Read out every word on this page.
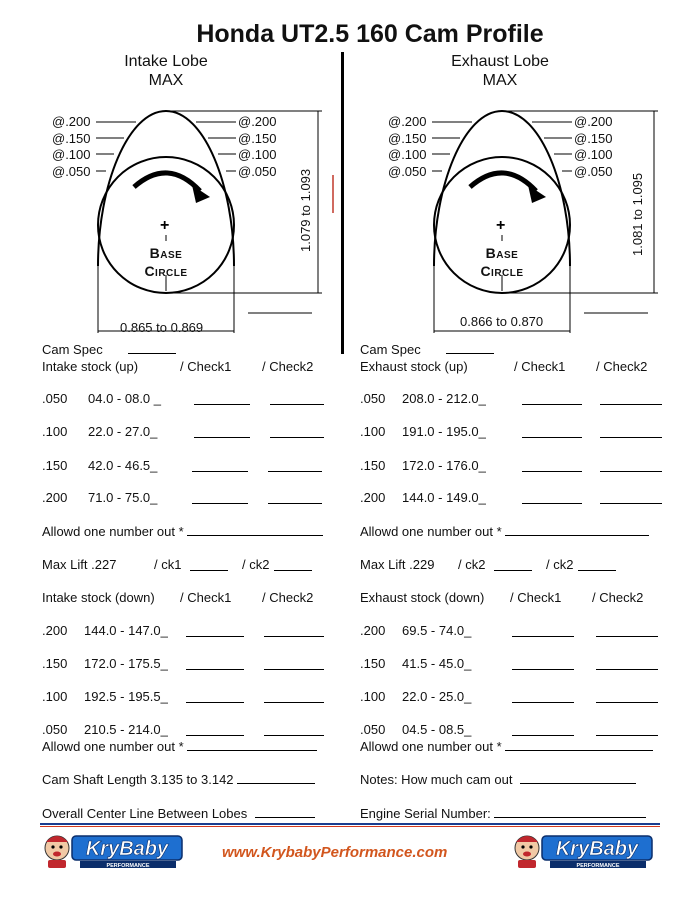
Honda UT2.5 160 Cam Profile
Intake Lobe
MAX
+
@.200
@.150
@.100
@.050
@.200
@.150
@.100
@.050
Base
Circle
0.865 to 0.869
1.079 to 1.093
Exhaust Lobe
MAX
+
@.200
@.150
@.100
@.050
@.200
@.150
@.100
@.050
Base
Circle
0.866 to 0.870
1.081 to 1.095
Cam Spec
Intake stock (up)	/ Check1 / Check2
.050 04.0 - 08.0 _
.100 22.0 - 27.0_
.150 42.0 - 46.5_
.200 71.0 - 75.0_
Allowd one number out *
Max Lift .227	/ ck1	/ ck2
Intake stock (down) / Check1 / Check2
.200 144.0 - 147.0_
.150 172.0 - 175.5_
.100 192.5 - 195.5_
.050 210.5 - 214.0_
Allowd one number out *
Cam Shaft Length 3.135 to 3.142
Overall Center Line Between Lobes
Cam Spec
Exhaust stock (up)	/ Check1 / Check2
.050 208.0 - 212.0_
.100 191.0 - 195.0_
.150 172.0 - 176.0_
.200 144.0 - 149.0_
Allowd one number out *
Max Lift .229 / ck2	/ ck2
Exhaust stock (down) / Check1 / Check2
.200 69.5 - 74.0_
.150 41.5 - 45.0_
.100 22.0 - 25.0_
.050 04.5 - 08.5_
Allowd one number out *
Notes: How much cam out
Engine Serial Number:
KryBaby
PERFORMANCE
www.KrybabyPerformance.com	KryBaby
PERFORMANCE
